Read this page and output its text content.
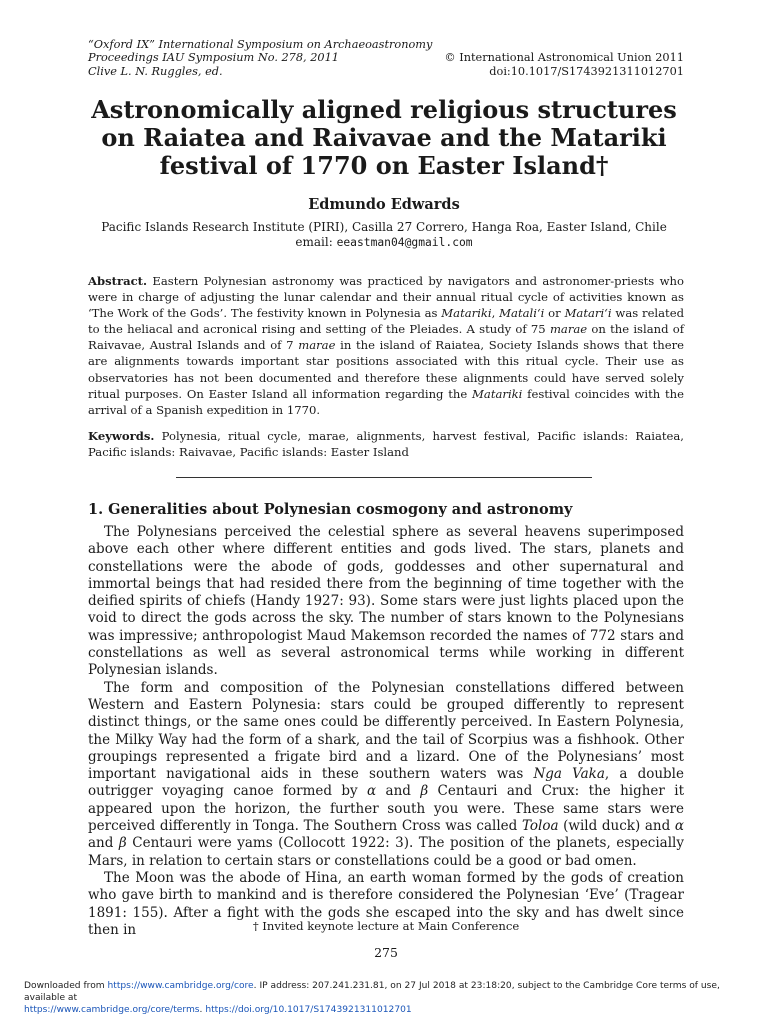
“Oxford IX” International Symposium on Archaeoastronomy
Proceedings IAU Symposium No. 278, 2011	© International Astronomical Union 2011
Clive L. N. Ruggles, ed.	doi:10.1017/S1743921311012701
Astronomically aligned religious structures
on Raiatea and Raivavae and the Matariki
festival of 1770 on Easter Island†
Edmundo Edwards
Pacific Islands Research Institute (PIRI), Casilla 27 Correro, Hanga Roa, Easter Island, Chile
email: eeastman04@gmail.com
Abstract. Eastern Polynesian astronomy was practiced by navigators and astronomer-priests who were in charge of adjusting the lunar calendar and their annual ritual cycle of activities known as ‘The Work of the Gods’. The festivity known in Polynesia as Matariki, Matali‘i or Matari‘i was related to the heliacal and acronical rising and setting of the Pleiades. A study of 75 marae on the island of Raivavae, Austral Islands and of 7 marae in the island of Raiatea, Society Islands shows that there are alignments towards important star positions associated with this ritual cycle. Their use as observatories has not been documented and therefore these alignments could have served solely ritual purposes. On Easter Island all information regarding the Matariki festival coincides with the arrival of a Spanish expedition in 1770.
Keywords. Polynesia, ritual cycle, marae, alignments, harvest festival, Pacific islands: Raiatea, Pacific islands: Raivavae, Pacific islands: Easter Island
1. Generalities about Polynesian cosmogony and astronomy

The Polynesians perceived the celestial sphere as several heavens superimposed above each other where different entities and gods lived. The stars, planets and constellations were the abode of gods, goddesses and other supernatural and immortal beings that had resided there from the beginning of time together with the deified spirits of chiefs (Handy 1927: 93). Some stars were just lights placed upon the void to direct the gods across the sky. The number of stars known to the Polynesians was impressive; anthropologist Maud Makemson recorded the names of 772 stars and constellations as well as several astronomical terms while working in different Polynesian islands.

The form and composition of the Polynesian constellations differed between Western and Eastern Polynesia: stars could be grouped differently to represent distinct things, or the same ones could be differently perceived. In Eastern Polynesia, the Milky Way had the form of a shark, and the tail of Scorpius was a fishhook. Other groupings represented a frigate bird and a lizard. One of the Polynesians’ most important navigational aids in these southern waters was Nga Vaka, a double outrigger voyaging canoe formed by α and β Centauri and Crux: the higher it appeared upon the horizon, the further south you were. These same stars were perceived differently in Tonga. The Southern Cross was called Toloa (wild duck) and α and β Centauri were yams (Collocott 1922: 3). The position of the planets, especially Mars, in relation to certain stars or constellations could be a good or bad omen.

The Moon was the abode of Hina, an earth woman formed by the gods of creation who gave birth to mankind and is therefore considered the Polynesian ‘Eve’ (Tragear 1891: 155). After a fight with the gods she escaped into the sky and has dwelt since then in	† Invited keynote lecture at Main Conference
275
Downloaded from https://www.cambridge.org/core. IP address: 207.241.231.81, on 27 Jul 2018 at 23:18:20, subject to the Cambridge Core terms of use, available at
https://www.cambridge.org/core/terms. https://doi.org/10.1017/S1743921311012701
